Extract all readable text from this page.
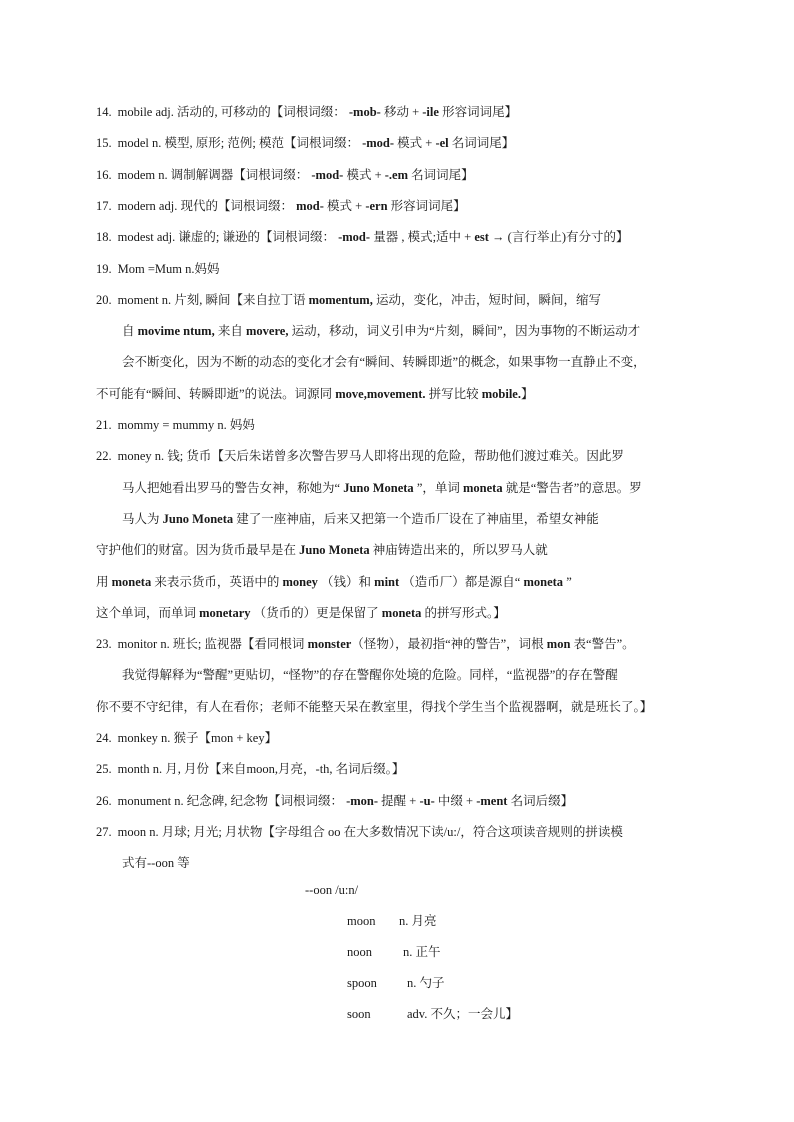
14. mobile adj. 活动的, 可移动的【词根词缀： -mob- 移动 + -ile 形容词词尾】
15. model n. 模型, 原形; 范例; 模范【词根词缀： -mod- 模式 + -el 名词词尾】
16. modem n. 调制解调器【词根词缀： -mod- 模式 + -.em 名词词尾】
17. modern adj. 现代的【词根词缀： mod- 模式 + -ern 形容词词尾】
18. modest adj. 谦虚的; 谦逊的【词根词缀： -mod- 量器 , 模式;适中 + est → (言行举止)有分寸的】
19. Mom =Mum n.妈妈
20. moment n. 片刻, 瞬间【来自拉丁语 momentum, 运动，变化，冲击，短时间，瞬间，缩写
自 movime ntum, 来自 movere, 运动，移动，词义引申为“片刻，瞬间”，因为事物的不断运动才
会不断变化，因为不断的动态的变化才会有“瞬间、转瞬即逝”的概念，如果事物一直静止不变，
不可能有“瞬间、转瞬即逝”的说法。词源同 move,movement. 拼写比较 mobile.】
21. mommy = mummy n. 妈妈
22. money n. 钱; 货币【天后朱诺曾多次警告罗马人即将出现的危险，帮助他们渡过难关。因此罗
马人把她看出罗马的警告女神，称她为“ Juno Moneta ”，单词 moneta 就是“警告者”的意思。罗
马人为 Juno Moneta 建了一座神庙，后来又把第一个造币厂设在了神庙里，希望女神能
守护他们的财富。因为货币最早是在 Juno Moneta 神庙铸造出来的，所以罗马人就
用 moneta 来表示货币，英语中的 money （钱）和 mint （造币厂）都是源自“ moneta ”
这个单词，而单词 monetary （货币的）更是保留了 moneta 的拼写形式。】
23. monitor n. 班长; 监视器【看同根词 monster（怪物），最初指“神的警告”，词根 mon 表“警告”。
我觉得解释为“警醒”更贴切，“怪物”的存在警醒你处境的危险。同样，“监视器”的存在警醒
你不要不守纪律，有人在看你；老师不能整天呆在教室里，得找个学生当个监视器啊，就是班长了。】
24. monkey n. 猴子【mon + key】
25. month n. 月, 月份【来自moon,月亮，-th, 名词后缀。】
26. monument n. 纪念碑, 纪念物【词根词缀： -mon- 提醒 + -u- 中缀 + -ment 名词后缀】
27. moon n. 月球; 月光; 月状物【字母组合 oo 在大多数情况下读/u:/，符合这项读音规则的拼读模
式有--oon 等
--oon /u:n/
moon n. 月亮
noon n. 正午
spoon n. 勺子
soon	adv. 不久；一会儿】
